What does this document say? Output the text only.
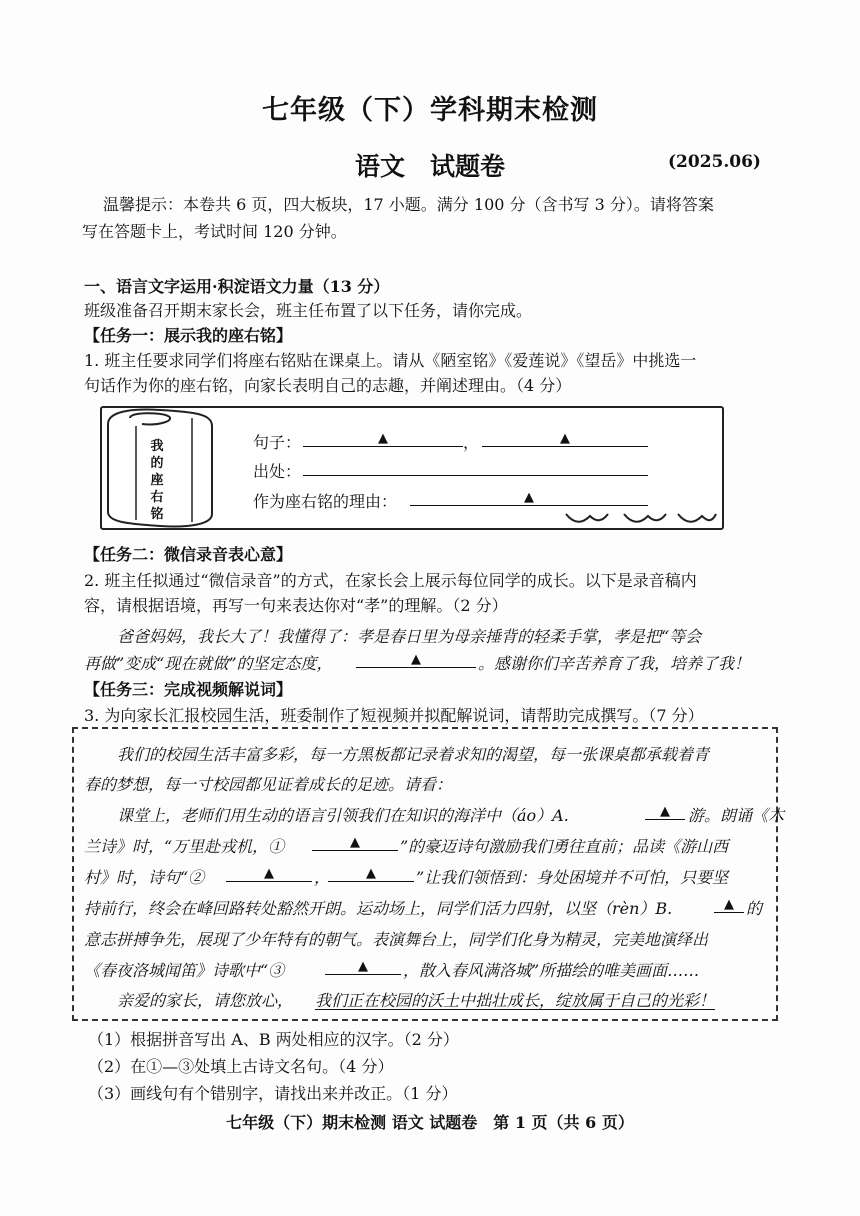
七年级（下）学科期末检测
语文　试题卷	(2025.06)
温馨提示：本卷共 6 页，四大板块，17 小题。满分 100 分（含书写 3 分）。请将答案
写在答题卡上，考试时间 120 分钟。
一、语言文字运用·积淀语文力量（13 分）
班级准备召开期末家长会，班主任布置了以下任务，请你完成。
【任务一：展示我的座右铭】
1. 班主任要求同学们将座右铭贴在课桌上。请从《陋室铭》《爱莲说》《望岳》中挑选一
句话作为你的座右铭，向家长表明自己的志趣，并阐述理由。（4 分）
我的座右铭
句子：	▲	，	▲
出处：
作为座右铭的理由：	▲
【任务二：微信录音表心意】
2. 班主任拟通过“微信录音”的方式，在家长会上展示每位同学的成长。以下是录音稿内
容，请根据语境，再写一句来表达你对“孝”的理解。（2 分）
爸爸妈妈，我长大了！我懂得了：孝是春日里为母亲捶背的轻柔手掌，孝是把“等会
再做”变成“现在就做”的坚定态度，	▲	。感谢你们辛苦养育了我，培养了我！
【任务三：完成视频解说词】
3. 为向家长汇报校园生活，班委制作了短视频并拟配解说词，请帮助完成撰写。（7 分）
我们的校园生活丰富多彩，每一方黑板都记录着求知的渴望，每一张课桌都承载着青
春的梦想，每一寸校园都见证着成长的足迹。请看：
课堂上，老师们用生动的语言引领我们在知识的海洋中（áo）A.	▲	游。朗诵《木
兰诗》时，“万里赴戎机，①	▲	”的豪迈诗句激励我们勇往直前；品读《游山西
村》时，诗句“②	▲	，	▲	”让我们领悟到：身处困境并不可怕，只要坚
持前行，终会在峰回路转处豁然开朗。运动场上，同学们活力四射，以坚（rèn）B.	▲ 的
意志拼搏争先，展现了少年特有的朝气。表演舞台上，同学们化身为精灵，完美地演绎出
《春夜洛城闻笛》诗歌中“③	▲	，散入春风满洛城”所描绘的唯美画面……
亲爱的家长，请您放心， 我们正在校园的沃土中拙壮成长，绽放属于自己的光彩！
（1）根据拼音写出 A、B 两处相应的汉字。（2 分）
（2）在①—③处填上古诗文名句。（4 分）
（3）画线句有个错别字，请找出来并改正。（1 分）
七年级（下）期末检测 语文 试题卷　第 1 页（共 6 页）
